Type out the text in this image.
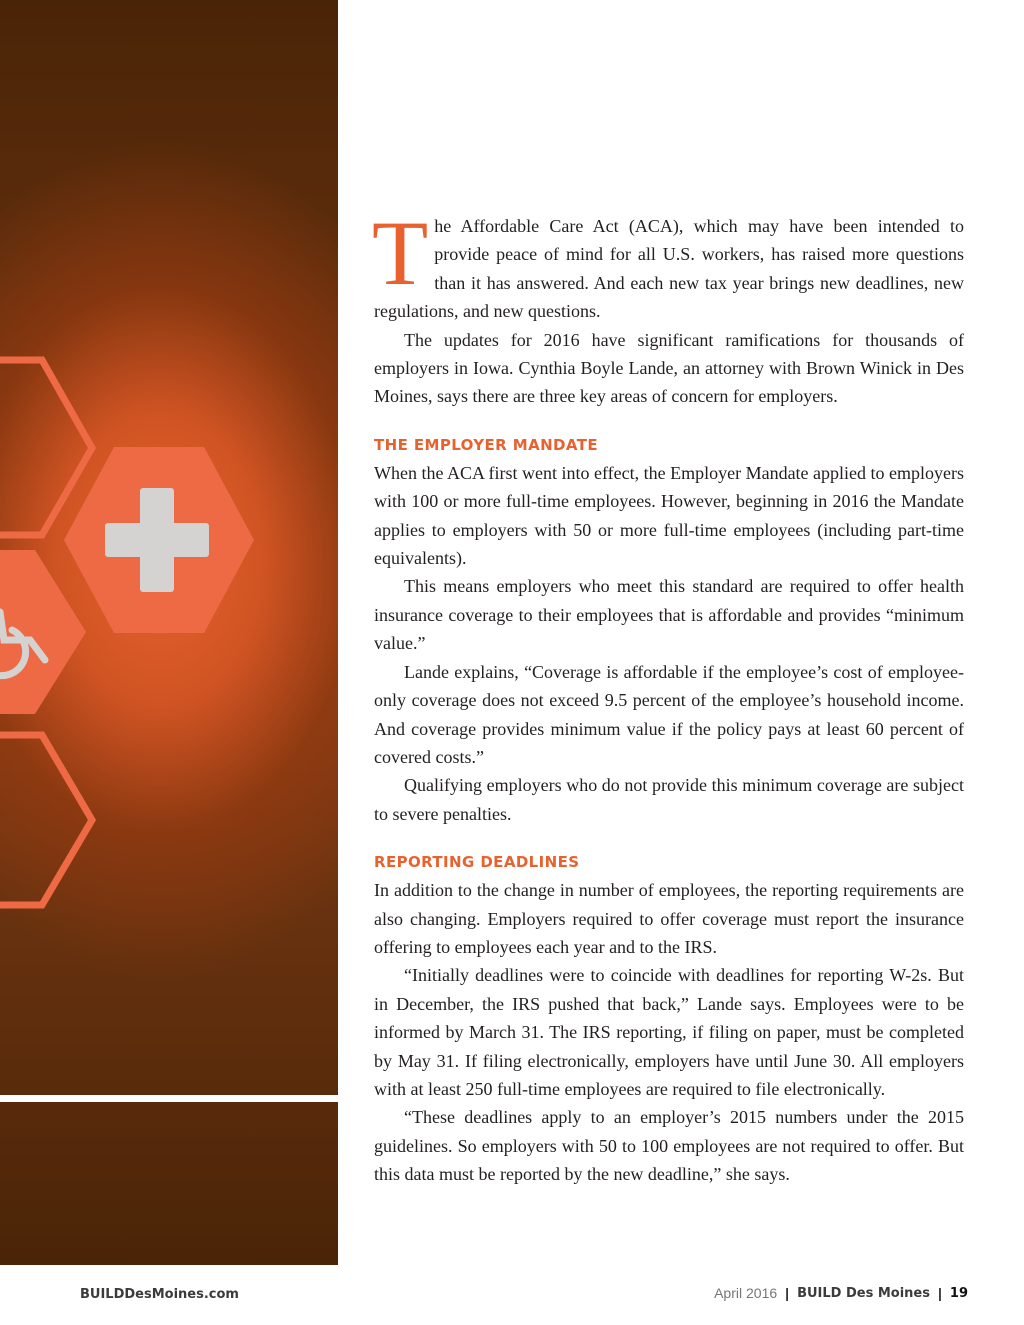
The Affordable Care Act (ACA), which may have been intended to provide peace of mind for all U.S. workers, has raised more questions than it has answered. And each new tax year brings new deadlines, new regulations, and new questions.

The updates for 2016 have significant ramifications for thousands of employers in Iowa. Cynthia Boyle Lande, an attorney with Brown Winick in Des Moines, says there are three key areas of concern for employers.

THE EMPLOYER MANDATE

When the ACA first went into effect, the Employer Mandate applied to employers with 100 or more full-time employees. However, beginning in 2016 the Mandate applies to employers with 50 or more full-time employees (including part-time equivalents).

This means employers who meet this standard are required to offer health insurance coverage to their employees that is affordable and provides “minimum value.”

Lande explains, “Coverage is affordable if the employee’s cost of employee-only coverage does not exceed 9.5 percent of the employee’s household income. And coverage provides minimum value if the policy pays at least 60 percent of covered costs.”

Qualifying employers who do not provide this minimum coverage are subject to severe penalties.

REPORTING DEADLINES

In addition to the change in number of employees, the reporting requirements are also changing. Employers required to offer coverage must report the insurance offering to employees each year and to the IRS.

“Initially deadlines were to coincide with deadlines for reporting W-2s. But in December, the IRS pushed that back,” Lande says. Employees were to be informed by March 31. The IRS reporting, if filing on paper, must be completed by May 31. If filing electronically, employers have until June 30. All employers with at least 250 full-time employees are required to file electronically.

“These deadlines apply to an employer’s 2015 numbers under the 2015 guidelines. So employers with 50 to 100 employees are not required to offer. But this data must be reported by the new deadline,” she says.

BUILDDesMoines.com	April 2016 | BUILD Des Moines | 19
